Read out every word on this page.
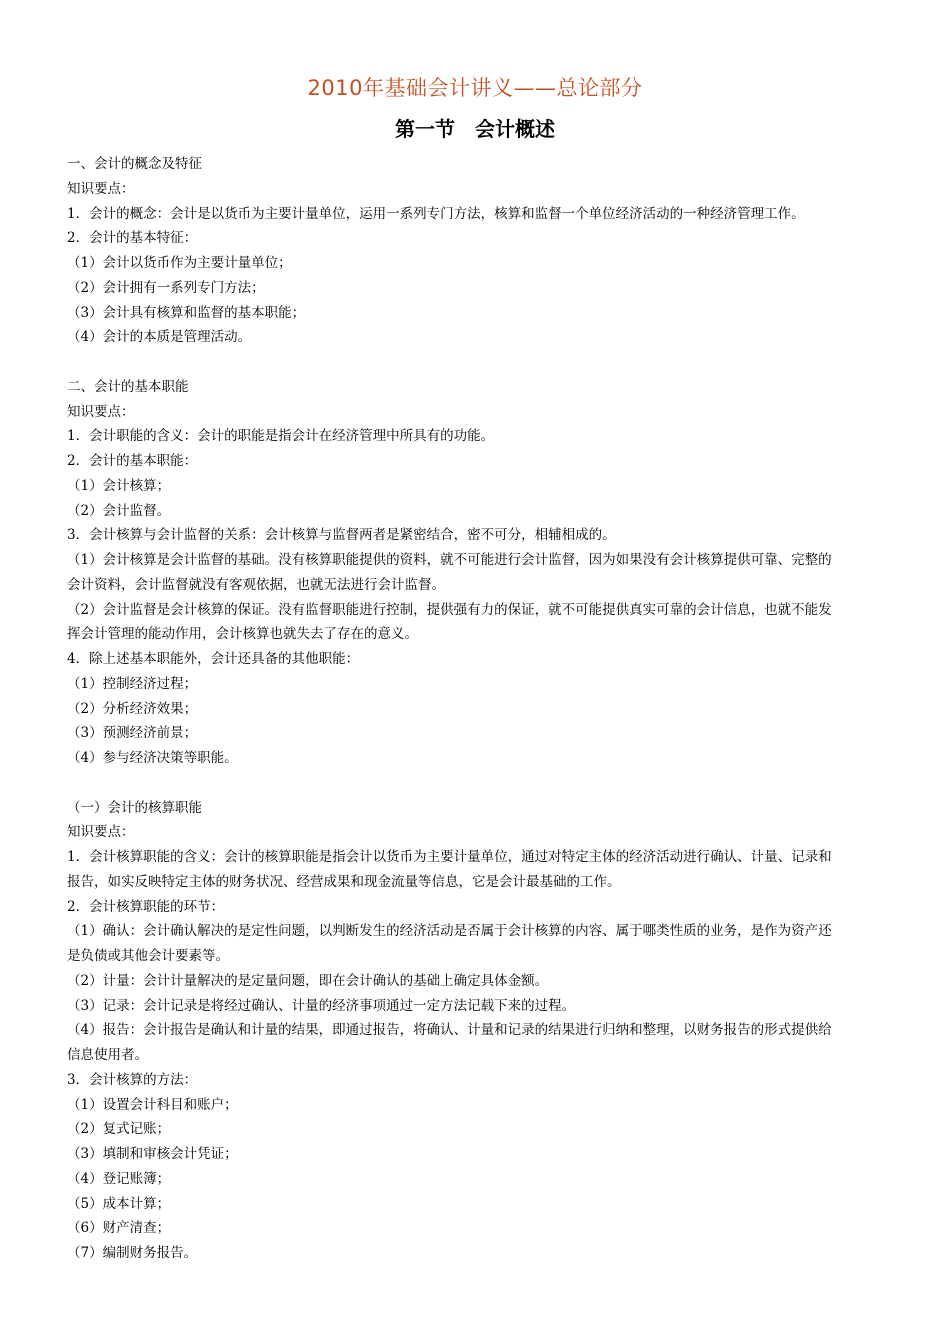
2010年基础会计讲义——总论部分
第一节　会计概述

一、会计的概念及特征

知识要点：

1．会计的概念：会计是以货币为主要计量单位，运用一系列专门方法，核算和监督一个单位经济活动的一种经济管理工作。

2．会计的基本特征：

（1）会计以货币作为主要计量单位；

（2）会计拥有一系列专门方法；

（3）会计具有核算和监督的基本职能；

（4）会计的本质是管理活动。

二、会计的基本职能

知识要点：

1．会计职能的含义：会计的职能是指会计在经济管理中所具有的功能。

2．会计的基本职能：

（1）会计核算；

（2）会计监督。

3．会计核算与会计监督的关系：会计核算与监督两者是紧密结合，密不可分，相辅相成的。

（1）会计核算是会计监督的基础。没有核算职能提供的资料，就不可能进行会计监督，因为如果没有会计核算提供可靠、完整的

会计资料，会计监督就没有客观依据，也就无法进行会计监督。

（2）会计监督是会计核算的保证。没有监督职能进行控制，提供强有力的保证，就不可能提供真实可靠的会计信息，也就不能发

挥会计管理的能动作用，会计核算也就失去了存在的意义。

4．除上述基本职能外，会计还具备的其他职能：

（1）控制经济过程；

（2）分析经济效果；

（3）预测经济前景；

（4）参与经济决策等职能。

（一）会计的核算职能

知识要点：

1．会计核算职能的含义：会计的核算职能是指会计以货币为主要计量单位，通过对特定主体的经济活动进行确认、计量、记录和

报告，如实反映特定主体的财务状况、经营成果和现金流量等信息，它是会计最基础的工作。

2．会计核算职能的环节：

（1）确认：会计确认解决的是定性问题，以判断发生的经济活动是否属于会计核算的内容、属于哪类性质的业务，是作为资产还

是负债或其他会计要素等。

（2）计量：会计计量解决的是定量问题，即在会计确认的基础上确定具体金额。

（3）记录：会计记录是将经过确认、计量的经济事项通过一定方法记载下来的过程。

（4）报告：会计报告是确认和计量的结果，即通过报告，将确认、计量和记录的结果进行归纳和整理，以财务报告的形式提供给

信息使用者。

3．会计核算的方法：

（1）设置会计科目和账户；

（2）复式记账；

（3）填制和审核会计凭证；

（4）登记账簿；

（5）成本计算；

（6）财产清查；

（7）编制财务报告。
